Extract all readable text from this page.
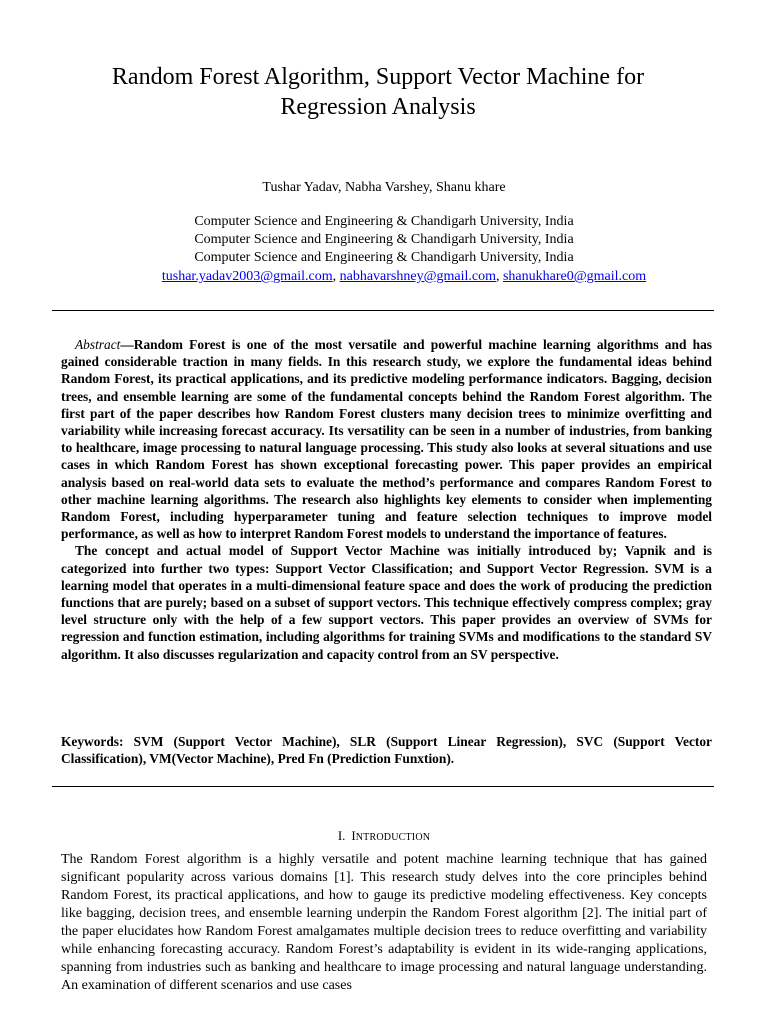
Random Forest Algorithm, Support Vector Machine for
Regression Analysis
Tushar Yadav, Nabha Varshey, Shanu khare
Computer Science and Engineering & Chandigarh University, India
Computer Science and Engineering & Chandigarh University, India
Computer Science and Engineering & Chandigarh University, India
tushar.yadav2003@gmail.com, nabhavarshney@gmail.com, shanukhare0@gmail.com

Abstract—Random Forest is one of the most versatile and powerful machine learning algorithms and has gained considerable traction in many fields. In this research study, we explore the fundamental ideas behind Random Forest, its practical applications, and its predictive modeling performance indicators. Bagging, decision trees, and ensemble learning are some of the fundamental concepts behind the Random Forest algorithm. The first part of the paper describes how Random Forest clusters many decision trees to minimize overfitting and variability while increasing forecast accuracy. Its versatility can be seen in a number of industries, from banking to healthcare, image processing to natural language processing. This study also looks at several situations and use cases in which Random Forest has shown exceptional forecasting power. This paper provides an empirical analysis based on real-world data sets to evaluate the method’s performance and compares Random Forest to other machine learning algorithms. The research also highlights key elements to consider when implementing Random Forest, including hyperparameter tuning and feature selection techniques to improve model performance, as well as how to interpret Random Forest models to understand the importance of features.

The concept and actual model of Support Vector Machine was initially introduced by; Vapnik and is categorized into further two types: Support Vector Classification; and Support Vector Regression. SVM is a learning model that operates in a multi-dimensional feature space and does the work of producing the prediction functions that are purely; based on a subset of support vectors. This technique effectively compress complex; gray level structure only with the help of a few support vectors. This paper provides an overview of SVMs for regression and function estimation, including algorithms for training SVMs and modifications to the standard SV algorithm. It also discusses regularization and capacity control from an SV perspective.

Keywords: SVM (Support Vector Machine), SLR (Support Linear Regression), SVC (Support Vector Classification), VM(Vector Machine), Pred Fn (Prediction Funxtion).

I. INTRODUCTION

The Random Forest algorithm is a highly versatile and potent machine learning technique that has gained significant popularity across various domains [1]. This research study delves into the core principles behind Random Forest, its practical applications, and how to gauge its predictive modeling effectiveness. Key concepts like bagging, decision trees, and ensemble learning underpin the Random Forest algorithm [2]. The initial part of the paper elucidates how Random Forest amalgamates multiple decision trees to reduce overfitting and variability while enhancing forecasting accuracy. Random Forest’s adaptability is evident in its wide-ranging applications, spanning from industries such as banking and healthcare to image processing and natural language understanding. An examination of different scenarios and use cases
